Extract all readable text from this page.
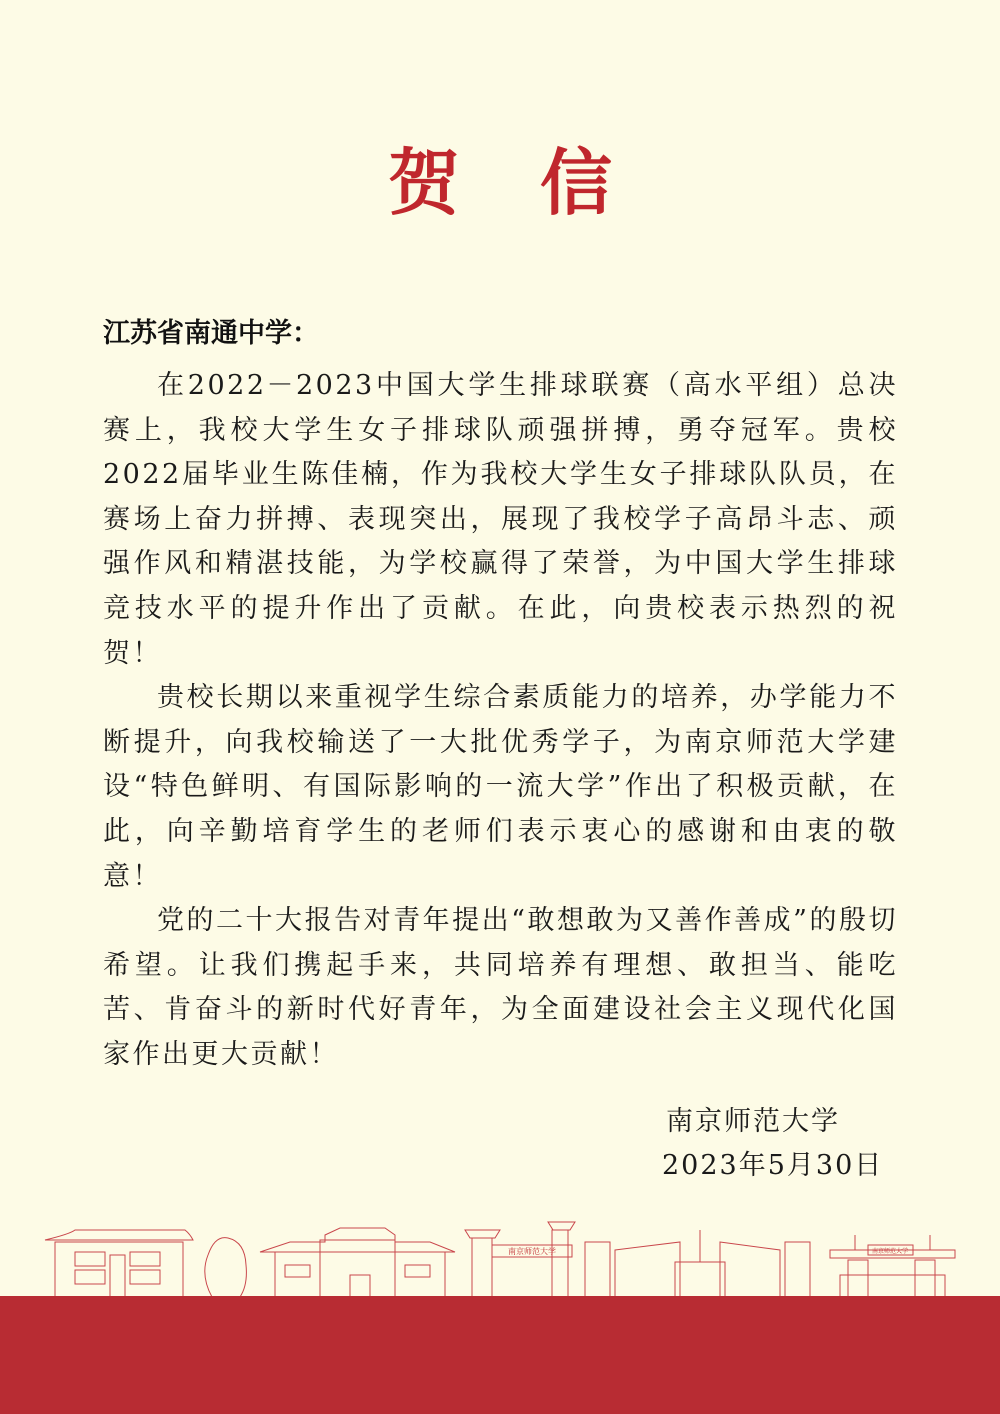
贺信
江苏省南通中学：

在2022－2023中国大学生排球联赛（高水平组）总决赛上，我校大学生女子排球队顽强拼搏，勇夺冠军。贵校2022届毕业生陈佳楠，作为我校大学生女子排球队队员，在赛场上奋力拼搏、表现突出，展现了我校学子高昂斗志、顽强作风和精湛技能，为学校赢得了荣誉，为中国大学生排球竞技水平的提升作出了贡献。在此，向贵校表示热烈的祝贺！

贵校长期以来重视学生综合素质能力的培养，办学能力不断提升，向我校输送了一大批优秀学子，为南京师范大学建设“特色鲜明、有国际影响的一流大学”作出了积极贡献，在此，向辛勤培育学生的老师们表示衷心的感谢和由衷的敬意！

党的二十大报告对青年提出“敢想敢为又善作善成”的殷切希望。让我们携起手来，共同培养有理想、敢担当、能吃苦、肯奋斗的新时代好青年，为全面建设社会主义现代化国家作出更大贡献！

南京师范大学
2023年5月30日
南京师范大学	南京师范大学
